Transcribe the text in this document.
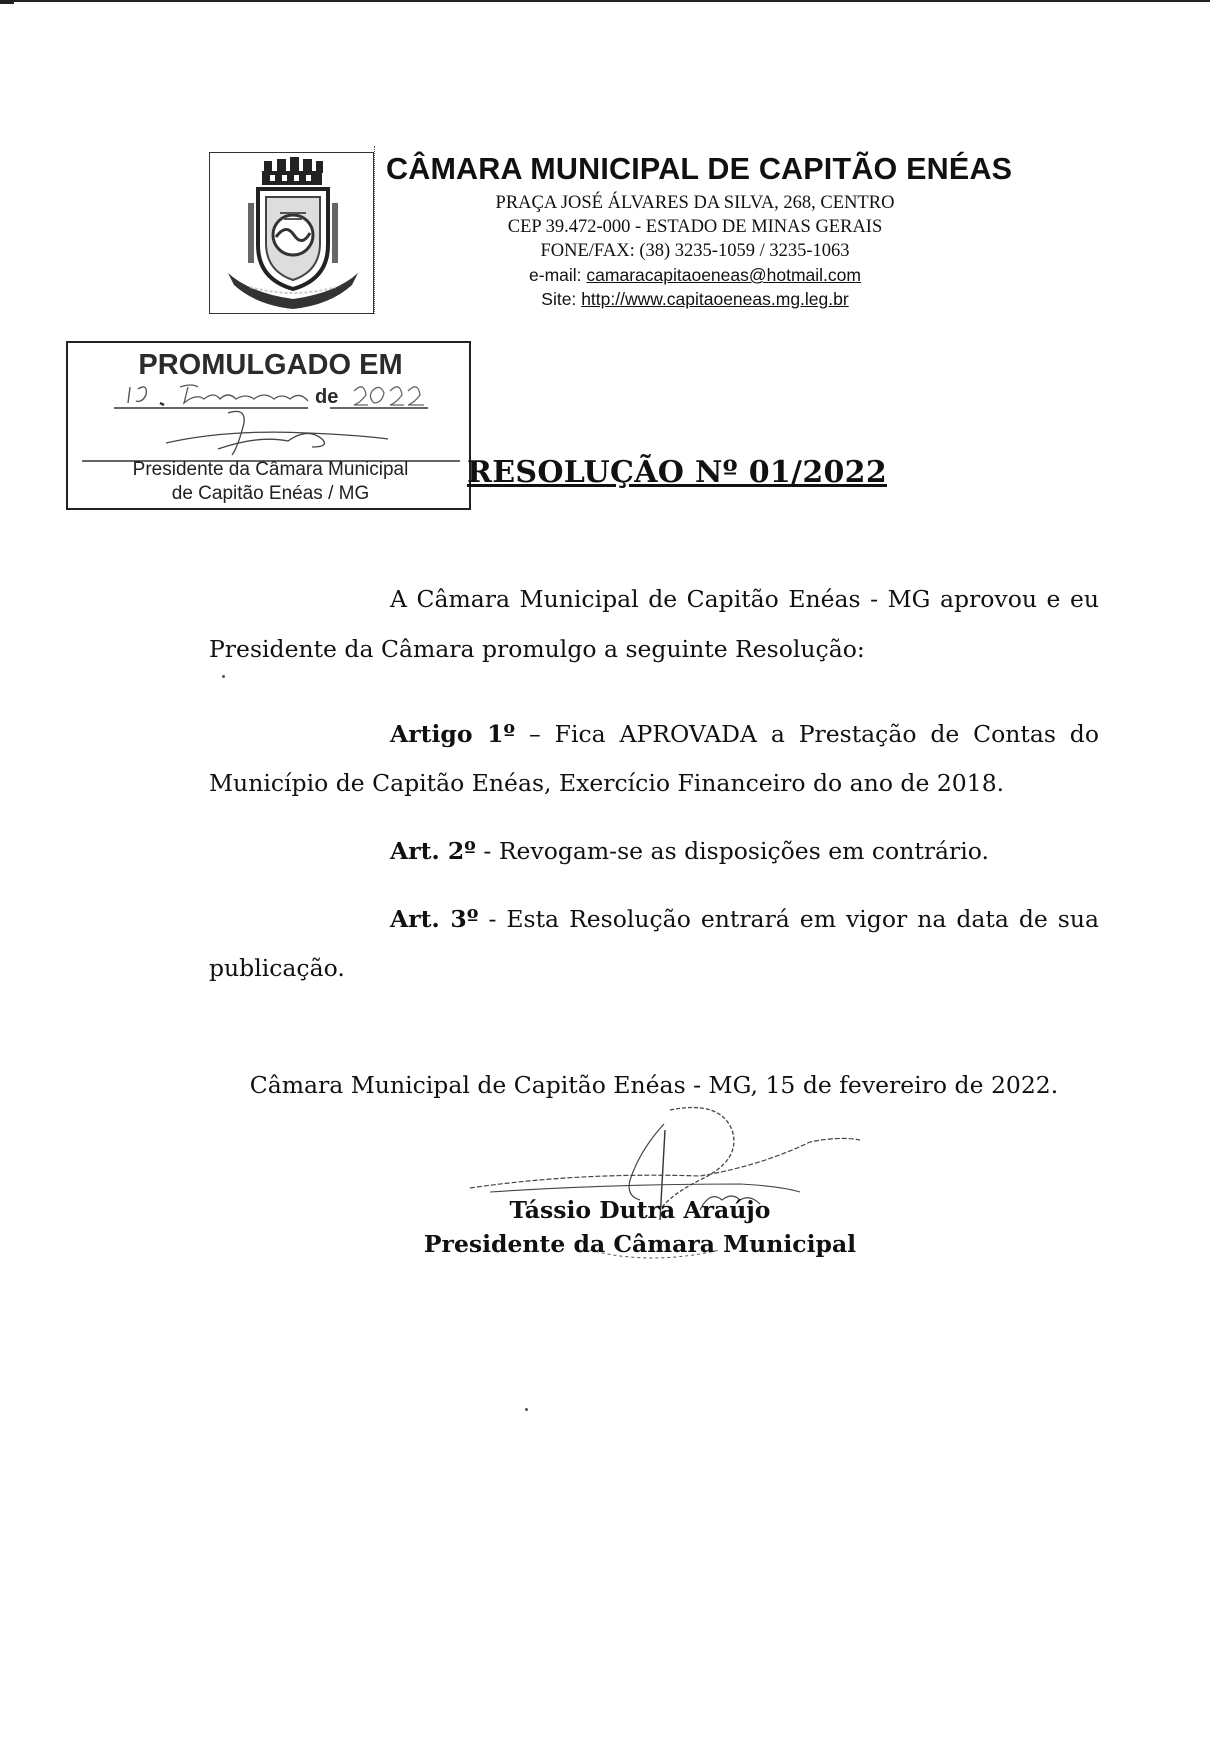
CÂMARA MUNICIPAL DE CAPITÃO ENÉAS
PRAÇA JOSÉ ÁLVARES DA SILVA, 268, CENTRO
CEP 39.472-000 - ESTADO DE MINAS GERAIS
FONE/FAX: (38) 3235-1059 / 3235-1063
e-mail: camaracapitaoeneas@hotmail.com
Site: http://www.capitaoeneas.mg.leg.br
PROMULGADO EM
de
Presidente da Câmara Municipal
de Capitão Enéas / MG
RESOLUÇÃO Nº 01/2022
A Câmara Municipal de Capitão Enéas - MG aprovou e eu
Presidente da Câmara promulgo a seguinte Resolução:
Artigo 1º – Fica APROVADA a Prestação de Contas do
Município de Capitão Enéas, Exercício Financeiro do ano de 2018.
Art. 2º - Revogam-se as disposições em contrário.
Art. 3º - Esta Resolução entrará em vigor na data de sua
publicação.
Câmara Municipal de Capitão Enéas - MG, 15 de fevereiro de 2022.
Tássio Dutra Araújo
Presidente da Câmara Municipal
